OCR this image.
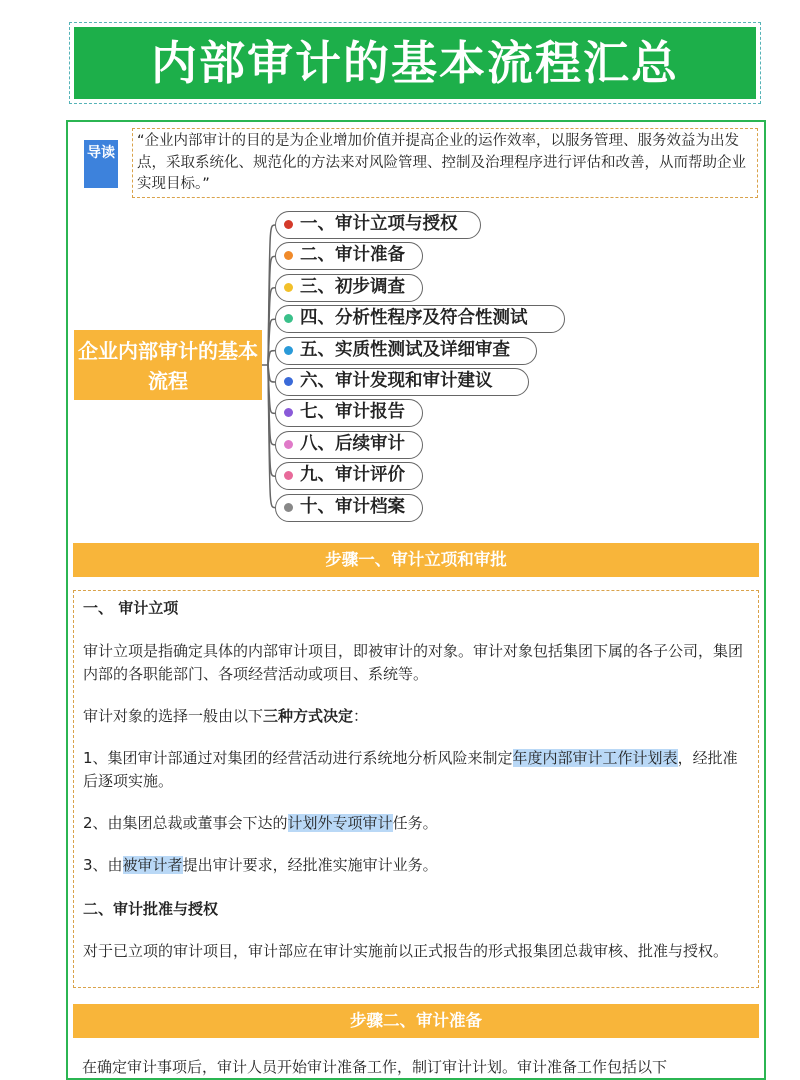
内部审计的基本流程汇总
导读
“企业内部审计的目的是为企业增加价值并提高企业的运作效率，以服务管理、服务效益为出发点，采取系统化、规范化的方法来对风险管理、控制及治理程序进行评估和改善，从而帮助企业实现目标。”
企业内部审计的基本流程
一、审计立项与授权
二、审计准备
三、初步调查
四、分析性程序及符合性测试
五、实质性测试及详细审查
六、审计发现和审计建议
七、审计报告
八、后续审计
九、审计评价
十、审计档案
步骤一、审计立项和审批
一、 审计立项
审计立项是指确定具体的内部审计项目，即被审计的对象。审计对象包括集团下属的各子公司，集团内部的各职能部门、各项经营活动或项目、系统等。
审计对象的选择一般由以下三种方式决定：
1、集团审计部通过对集团的经营活动进行系统地分析风险来制定年度内部审计工作计划表，经批准后逐项实施。
2、由集团总裁或董事会下达的计划外专项审计任务。
3、由被审计者提出审计要求，经批准实施审计业务。
二、审计批准与授权
对于已立项的审计项目，审计部应在审计实施前以正式报告的形式报集团总裁审核、批准与授权。
步骤二、审计准备
在确定审计事项后，审计人员开始审计准备工作，制订审计计划。审计准备工作包括以下
